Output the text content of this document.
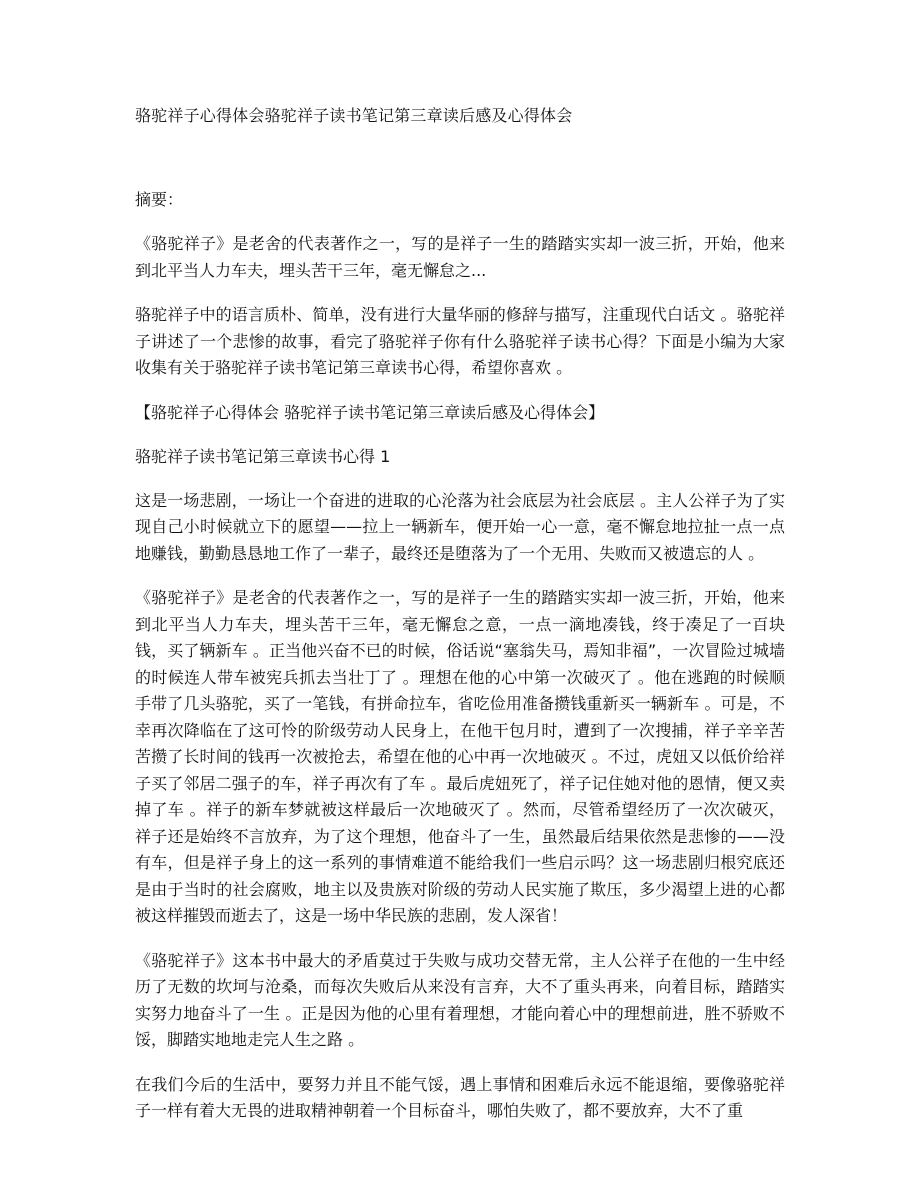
骆驼祥子心得体会骆驼祥子读书笔记第三章读后感及心得体会
摘要：
《骆驼祥子》是老舍的代表著作之一，写的是祥子一生的踏踏实实却一波三折，开始，他来到北平当人力车夫，埋头苦干三年，毫无懈怠之...
骆驼祥子中的语言质朴、简单，没有进行大量华丽的修辞与描写，注重现代白话文 。骆驼祥子讲述了一个悲惨的故事，看完了骆驼祥子你有什么骆驼祥子读书心得？下面是小编为大家收集有关于骆驼祥子读书笔记第三章读书心得，希望你喜欢 。
【骆驼祥子心得体会 骆驼祥子读书笔记第三章读后感及心得体会】
骆驼祥子读书笔记第三章读书心得 1
这是一场悲剧，一场让一个奋进的进取的心沦落为社会底层为社会底层 。主人公祥子为了实现自己小时候就立下的愿望——拉上一辆新车，便开始一心一意，毫不懈怠地拉扯一点一点地赚钱，勤勤恳恳地工作了一辈子，最终还是堕落为了一个无用、失败而又被遗忘的人 。
《骆驼祥子》是老舍的代表著作之一，写的是祥子一生的踏踏实实却一波三折，开始，他来到北平当人力车夫，埋头苦干三年，毫无懈怠之意，一点一滴地凑钱，终于凑足了一百块钱，买了辆新车 。正当他兴奋不已的时候，俗话说“塞翁失马，焉知非福”，一次冒险过城墙的时候连人带车被宪兵抓去当壮丁了 。理想在他的心中第一次破灭了 。他在逃跑的时候顺手带了几头骆驼，买了一笔钱，有拼命拉车，省吃俭用准备攒钱重新买一辆新车 。可是，不幸再次降临在了这可怜的阶级劳动人民身上，在他干包月时，遭到了一次搜捕，祥子辛辛苦苦攒了长时间的钱再一次被抢去，希望在他的心中再一次地破灭 。不过，虎妞又以低价给祥子买了邻居二强子的车，祥子再次有了车 。最后虎妞死了，祥子记住她对他的恩情，便又卖掉了车 。祥子的新车梦就被这样最后一次地破灭了 。然而，尽管希望经历了一次次破灭，祥子还是始终不言放弃，为了这个理想，他奋斗了一生，虽然最后结果依然是悲惨的——没有车，但是祥子身上的这一系列的事情难道不能给我们一些启示吗？这一场悲剧归根究底还是由于当时的社会腐败，地主以及贵族对阶级的劳动人民实施了欺压，多少渴望上进的心都被这样摧毁而逝去了，这是一场中华民族的悲剧，发人深省！
《骆驼祥子》这本书中最大的矛盾莫过于失败与成功交替无常，主人公祥子在他的一生中经历了无数的坎坷与沧桑，而每次失败后从来没有言弃，大不了重头再来，向着目标，踏踏实实努力地奋斗了一生 。正是因为他的心里有着理想，才能向着心中的理想前进，胜不骄败不馁，脚踏实地地走完人生之路 。
在我们今后的生活中，要努力并且不能气馁，遇上事情和困难后永远不能退缩，要像骆驼祥子一样有着大无畏的进取精神朝着一个目标奋斗，哪怕失败了，都不要放弃，大不了重
